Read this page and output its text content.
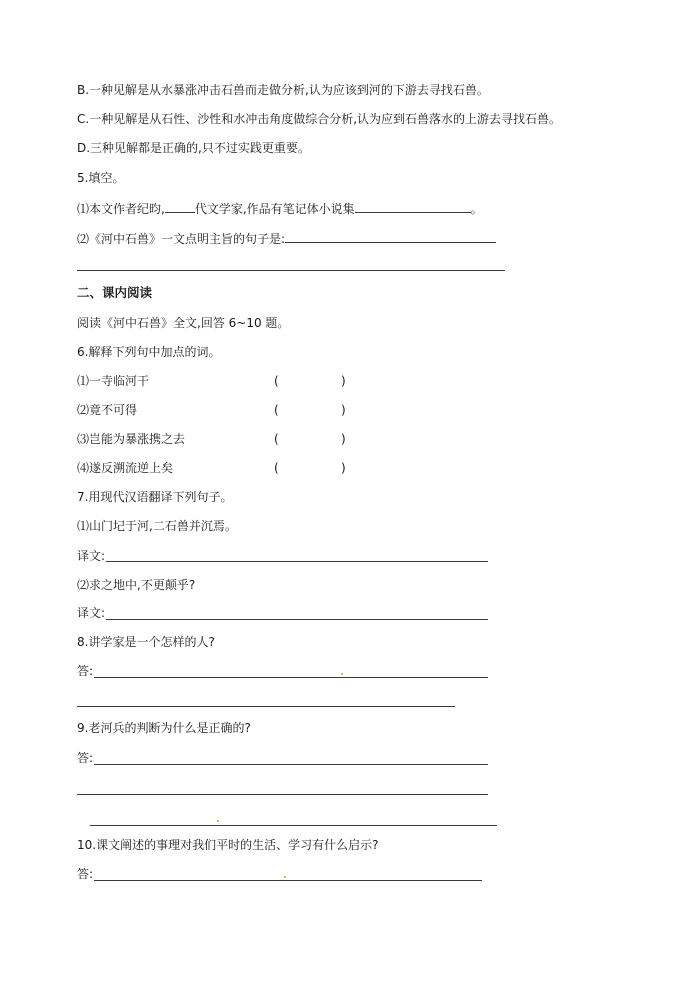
B.一种见解是从水暴涨冲击石兽而走做分析,认为应该到河的下游去寻找石兽。
C.一种见解是从石性、沙性和水冲击角度做综合分析,认为应到石兽落水的上游去寻找石兽。
D.三种见解都是正确的,只不过实践更重要。
5.填空。
⑴本文作者纪昀,	代文学家,作品有笔记体小说集	。
⑵《河中石兽》一文点明主旨的句子是:
二、课内阅读
阅读《河中石兽》全文,回答 6~10 题。
6.解释下列句中加点的词。
⑴一寺临河干	(	)
⑵竟不可得	(	)
⑶岂能为暴涨携之去	(	)
⑷遂反溯流逆上矣	(	)
7.用现代汉语翻译下列句子。
⑴山门圮于河,二石兽并沉焉。
译文:
⑵求之地中,不更颠乎?
译文:
8.讲学家是一个怎样的人?
答:
9.老河兵的判断为什么是正确的?
答:
10.课文阐述的事理对我们平时的生活、学习有什么启示?
答:
